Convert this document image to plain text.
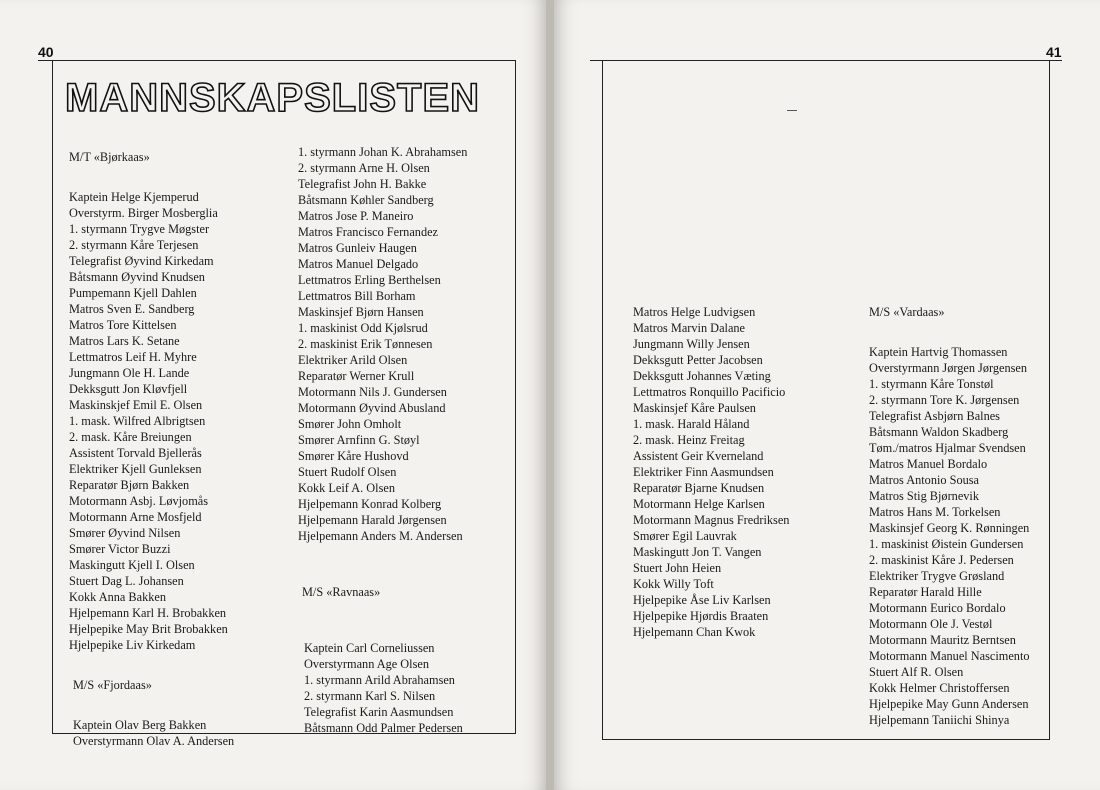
40
MANNSKAPSLISTEN
M/T «Bjørkaas»
Kaptein Helge Kjemperud
Overstyrm. Birger Mosberglia
1. styrmann Trygve Møgster
2. styrmann Kåre Terjesen
Telegrafist Øyvind Kirkedam
Båtsmann Øyvind Knudsen
Pumpemann Kjell Dahlen
Matros Sven E. Sandberg
Matros Tore Kittelsen
Matros Lars K. Setane
Lettmatros Leif H. Myhre
Jungmann Ole H. Lande
Dekksgutt Jon Kløvfjell
Maskinskjef Emil E. Olsen
1. mask. Wilfred Albrigtsen
2. mask. Kåre Breiungen
Assistent Torvald Bjellerås
Elektriker Kjell Gunleksen
Reparatør Bjørn Bakken
Motormann Asbj. Løvjomås
Motormann Arne Mosfjeld
Smører Øyvind Nilsen
Smører Victor Buzzi
Maskingutt Kjell I. Olsen
Stuert Dag L. Johansen
Kokk Anna Bakken
Hjelpemann Karl H. Brobakken
Hjelpepike May Brit Brobakken
Hjelpepike Liv Kirkedam
M/S «Fjordaas»
Kaptein Olav Berg Bakken
Overstyrmann Olav A. Andersen
1. styrmann Johan K. Abrahamsen
2. styrmann Arne H. Olsen
Telegrafist John H. Bakke
Båtsmann Køhler Sandberg
Matros Jose P. Maneiro
Matros Francisco Fernandez
Matros Gunleiv Haugen
Matros Manuel Delgado
Lettmatros Erling Berthelsen
Lettmatros Bill Borham
Maskinsjef Bjørn Hansen
1. maskinist Odd Kjølsrud
2. maskinist Erik Tønnesen
Elektriker Arild Olsen
Reparatør Werner Krull
Motormann Nils J. Gundersen
Motormann Øyvind Abusland
Smører John Omholt
Smører Arnfinn G. Støyl
Smører Kåre Hushovd
Stuert Rudolf Olsen
Kokk Leif A. Olsen
Hjelpemann Konrad Kolberg
Hjelpemann Harald Jørgensen
Hjelpemann Anders M. Andersen
M/S «Ravnaas»
Kaptein Carl Corneliussen
Overstyrmann Age Olsen
1. styrmann Arild Abrahamsen
2. styrmann Karl S. Nilsen
Telegrafist Karin Aasmundsen
Båtsmann Odd Palmer Pedersen
41
Matros Helge Ludvigsen
Matros Marvin Dalane
Jungmann Willy Jensen
Dekksgutt Petter Jacobsen
Dekksgutt Johannes Væting
Lettmatros Ronquillo Pacificio
Maskinsjef Kåre Paulsen
1. mask. Harald Håland
2. mask. Heinz Freitag
Assistent Geir Kverneland
Elektriker Finn Aasmundsen
Reparatør Bjarne Knudsen
Motormann Helge Karlsen
Motormann Magnus Fredriksen
Smører Egil Lauvrak
Maskingutt Jon T. Vangen
Stuert John Heien
Kokk Willy Toft
Hjelpepike Åse Liv Karlsen
Hjelpepike Hjørdis Braaten
Hjelpemann Chan Kwok
M/S «Vardaas»
Kaptein Hartvig Thomassen
Overstyrmann Jørgen Jørgensen
1. styrmann Kåre Tonstøl
2. styrmann Tore K. Jørgensen
Telegrafist Asbjørn Balnes
Båtsmann Waldon Skadberg
Tøm./matros Hjalmar Svendsen
Matros Manuel Bordalo
Matros Antonio Sousa
Matros Stig Bjørnevik
Matros Hans M. Torkelsen
Maskinsjef Georg K. Rønningen
1. maskinist Øistein Gundersen
2. maskinist Kåre J. Pedersen
Elektriker Trygve Grøsland
Reparatør Harald Hille
Motormann Eurico Bordalo
Motormann Ole J. Vestøl
Motormann Mauritz Berntsen
Motormann Manuel Nascimento
Stuert Alf R. Olsen
Kokk Helmer Christoffersen
Hjelpepike May Gunn Andersen
Hjelpemann Taniichi Shinya
